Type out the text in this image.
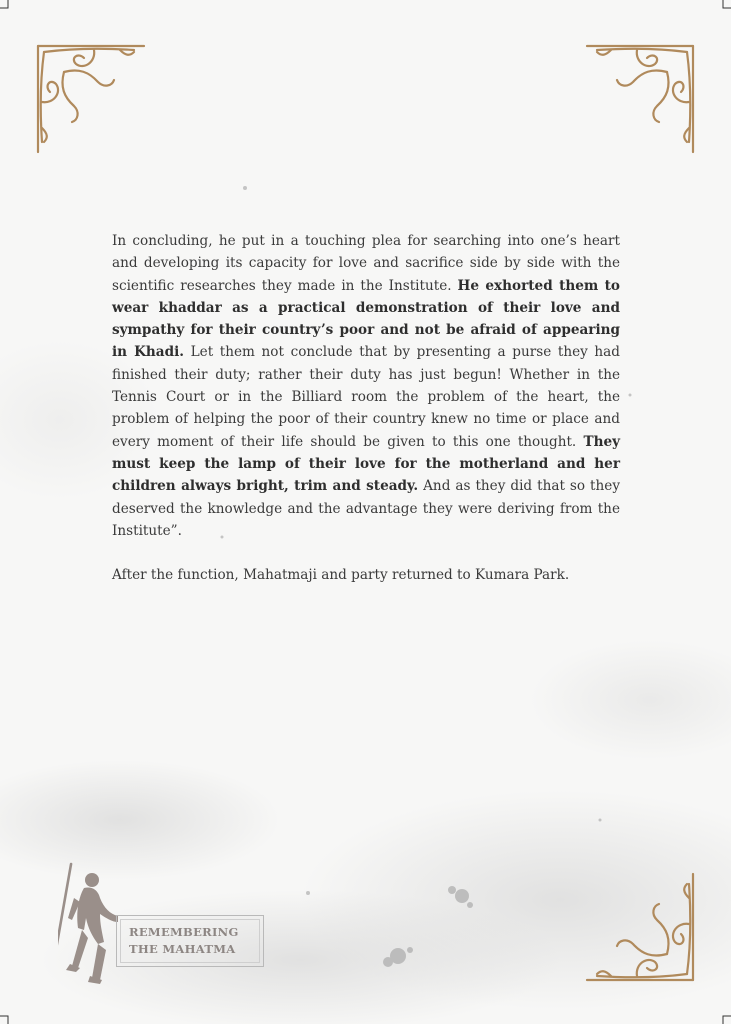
In concluding, he put in a touching plea for searching into one’s heart and developing its capacity for love and sacrifice side by side with the scientific researches they made in the Institute. He exhorted them to wear khaddar as a practical demonstration of their love and sympathy for their country’s poor and not be afraid of appearing in Khadi. Let them not conclude that by presenting a purse they had finished their duty; rather their duty has just begun! Whether in the Tennis Court or in the Billiard room the problem of the heart, the problem of helping the poor of their country knew no time or place and every moment of their life should be given to this one thought. They must keep the lamp of their love for the motherland and her children always bright, trim and steady. And as they did that so they deserved the knowledge and the advantage they were deriving from the Institute”.

After the function, Mahatmaji and party returned to Kumara Park.

REMEMBERING
THE MAHATMA
